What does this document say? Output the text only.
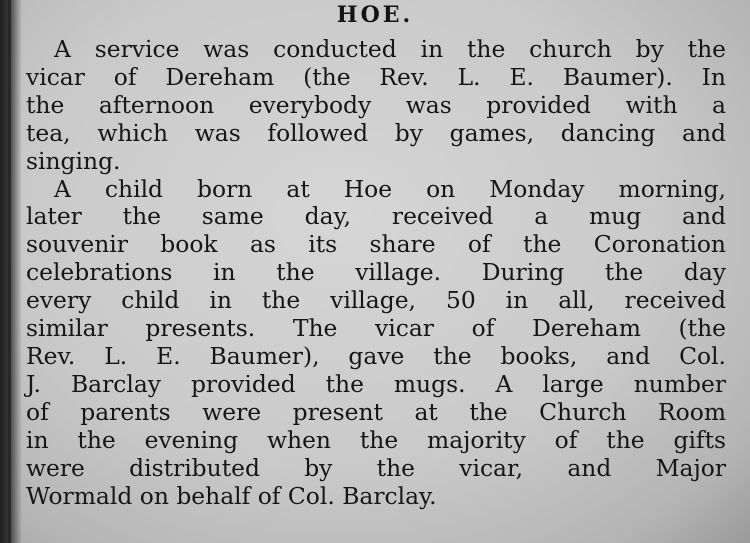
HOE.
A service was conducted in the church by the
vicar of Dereham (the Rev. L. E. Baumer). In
the afternoon everybody was provided with a
tea, which was followed by games, dancing and
singing.
A child born at Hoe on Monday morning,
later the same day, received a mug and
souvenir book as its share of the Coronation
celebrations in the village. During the day
every child in the village, 50 in all, received
similar presents. The vicar of Dereham (the
Rev. L. E. Baumer), gave the books, and Col.
J. Barclay provided the mugs. A large number
of parents were present at the Church Room
in the evening when the majority of the gifts
were distributed by the vicar, and Major
Wormald on behalf of Col. Barclay.
